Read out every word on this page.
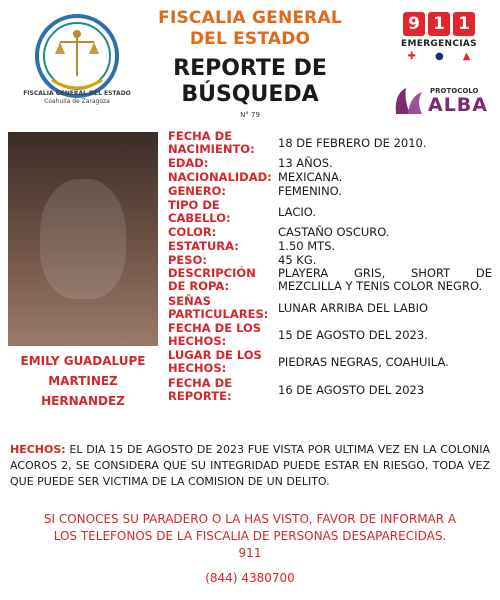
FISCALIA GENERAL DEL ESTADO
Coahuila de Zaragoza
FISCALIA GENERAL DEL ESTADO
REPORTE DE
BÚSQUEDA
N° 79
9 1 1
EMERGENCIAS
✚ ● ▲
PROTOCOLO
ALBA
EMILY GUADALUPE
MARTINEZ
HERNANDEZ
FECHA DE NACIMIENTO:	18 DE FEBRERO DE 2010.
EDAD:	13 AÑOS.
NACIONALIDAD: MEXICANA.
GENERO:	FEMENINO.
TIPO DE CABELLO:	LACIO.
COLOR:	CASTAÑO OSCURO.
ESTATURA:	1.50 MTS.
PESO:	45 KG.
DESCRIPCIÓN DE ROPA:
PLAYERA GRIS, SHORT DE MEZCLILLA Y TENIS COLOR NEGRO.
SEÑAS PARTICULARES: LUNAR ARRIBA DEL LABIO
FECHA DE LOS HECHOS:	15 DE AGOSTO DEL 2023.
LUGAR DE LOS HECHOS:	PIEDRAS NEGRAS, COAHUILA.
FECHA DE REPORTE:	16 DE AGOSTO DEL 2023
HECHOS: EL DIA 15 DE AGOSTO DE 2023 FUE VISTA POR ULTIMA VEZ EN LA COLONIA ACOROS 2, SE CONSIDERA QUE SU INTEGRIDAD PUEDE ESTAR EN RIESGO, TODA VEZ QUE PUEDE SER VICTIMA DE LA COMISION DE UN DELITO.
SI CONOCES SU PARADERO O LA HAS VISTO, FAVOR DE INFORMAR A
LOS TELEFONOS DE LA FISCALIA DE PERSONAS DESAPARECIDAS.
911
(844) 4380700
